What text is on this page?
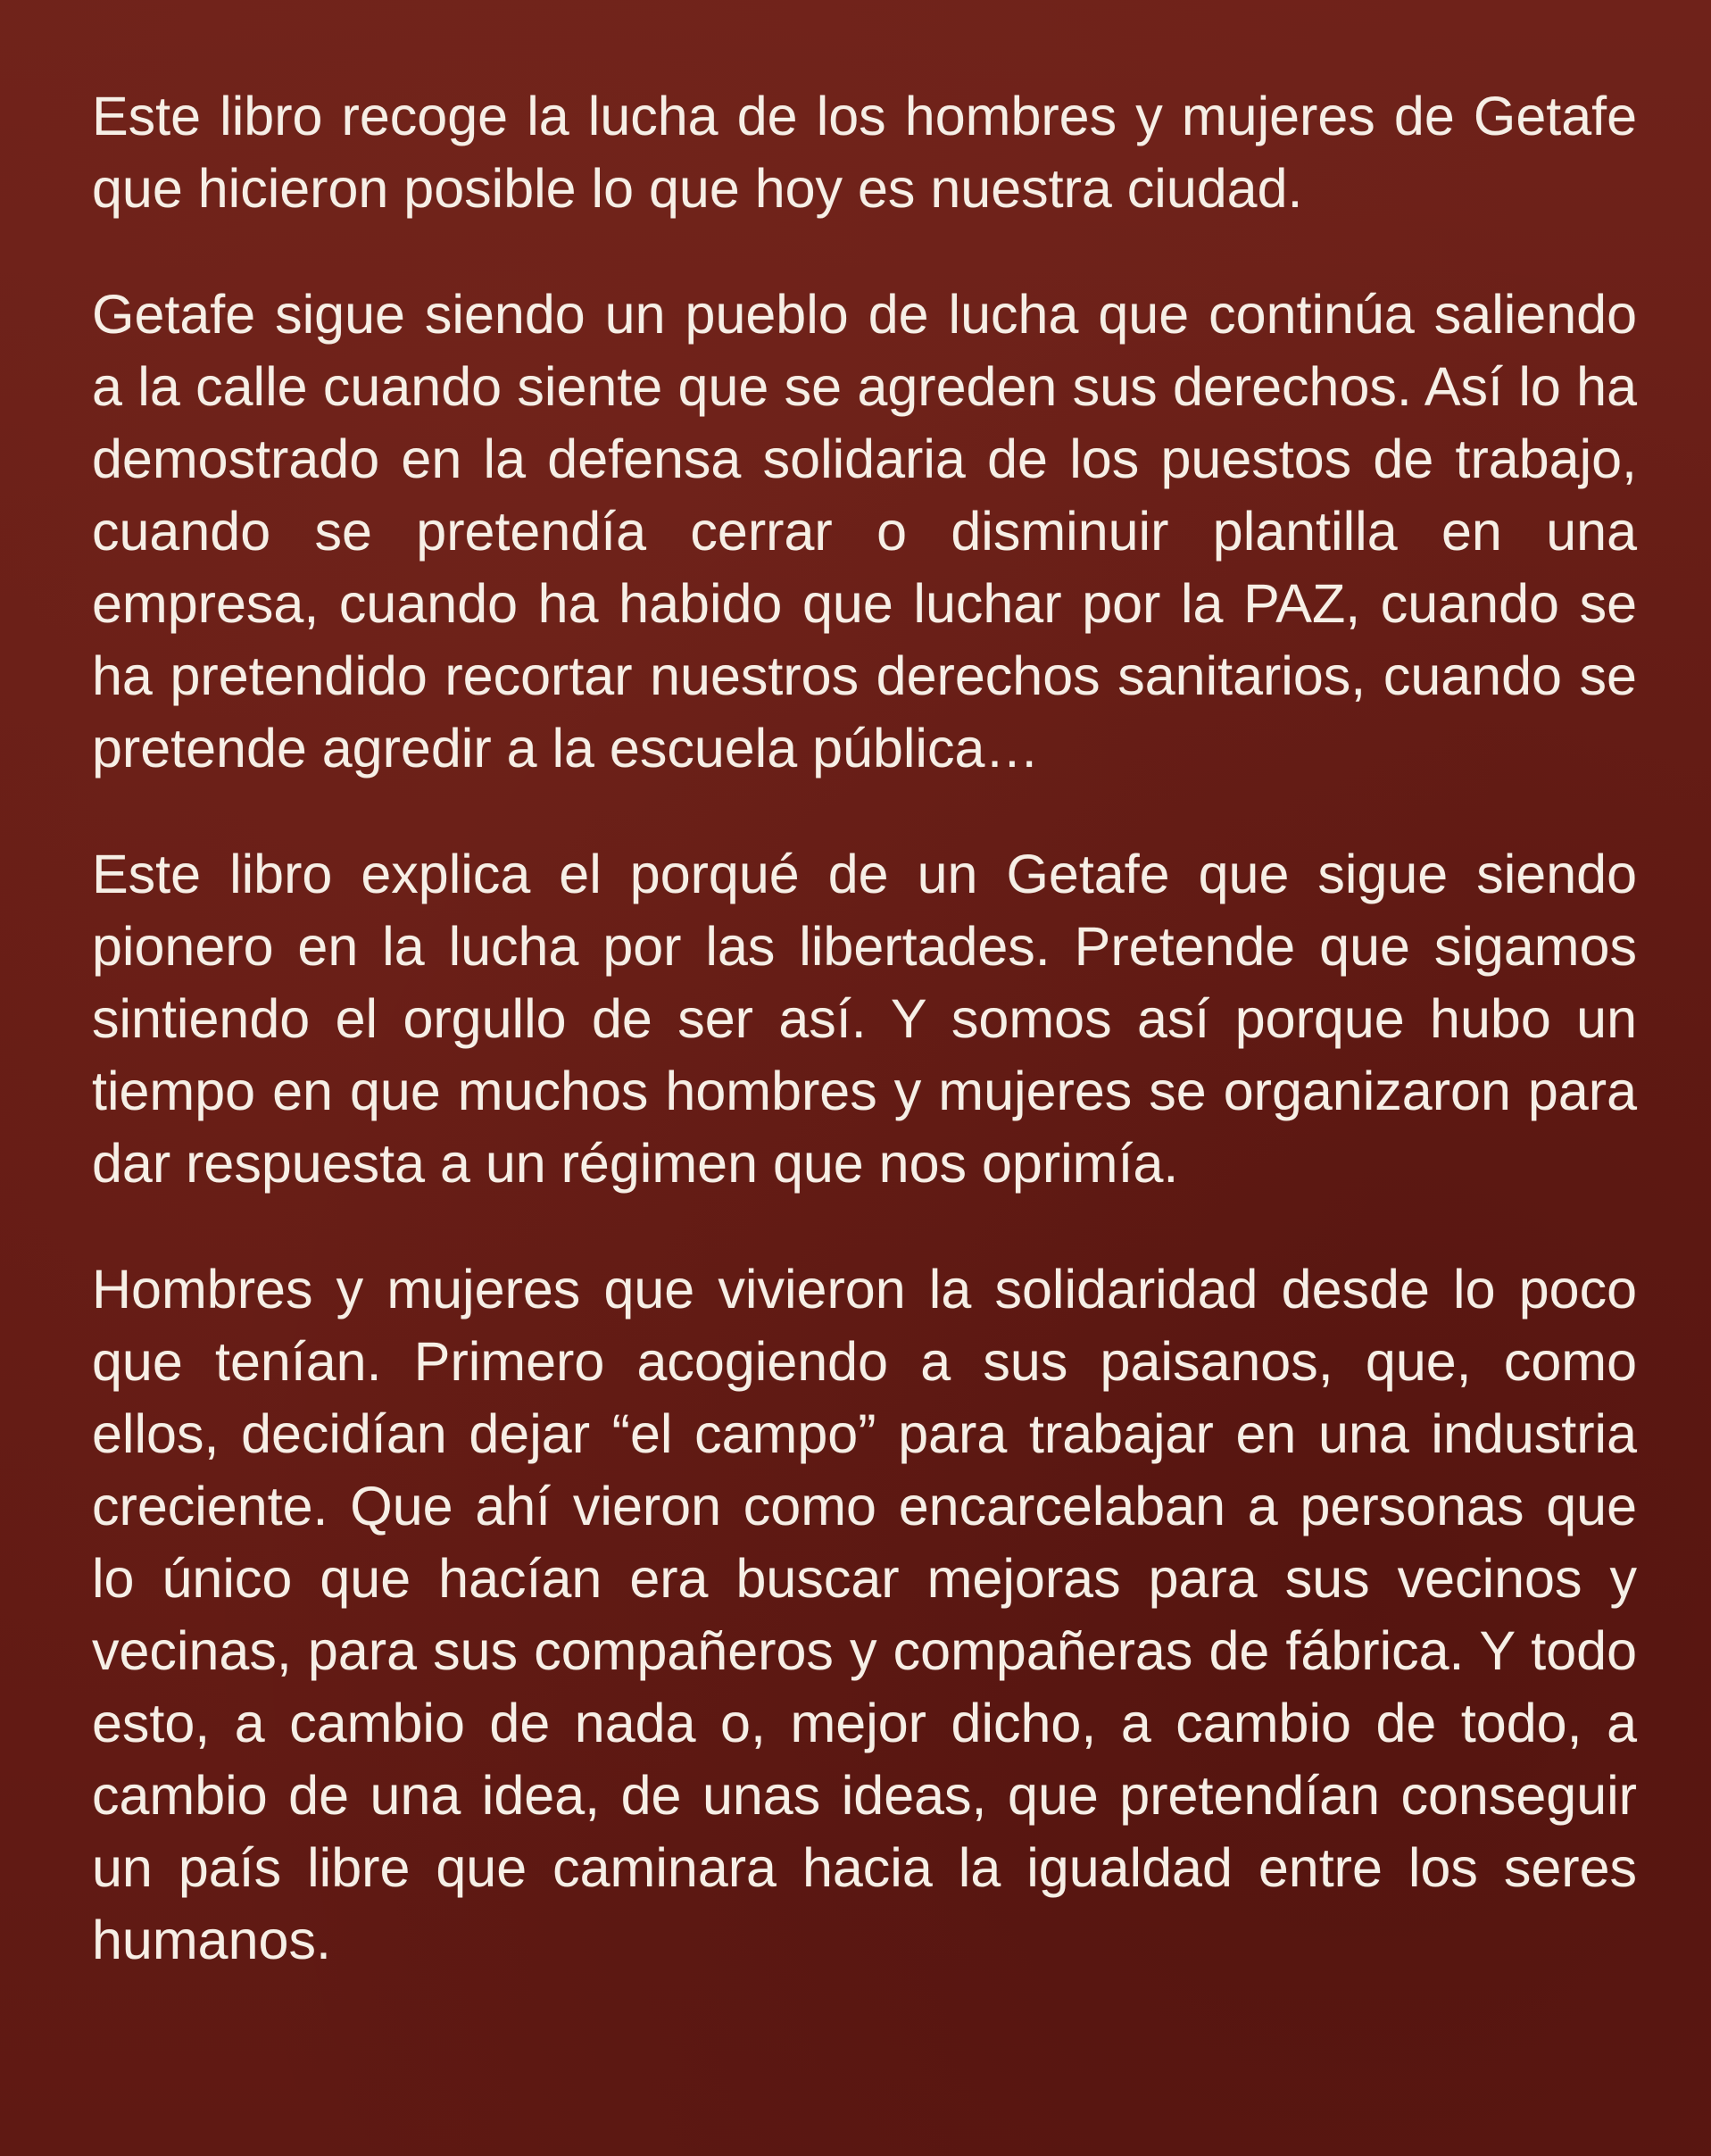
Este libro recoge la lucha de los hombres y mujeres de Getafe que hicieron posible lo que hoy es nuestra ciudad.

Getafe sigue siendo un pueblo de lucha que continúa saliendo a la calle cuando siente que se agreden sus derechos. Así lo ha demostrado en la defensa solidaria de los puestos de trabajo, cuando se pretendía cerrar o disminuir plantilla en una empresa, cuando ha habido que luchar por la PAZ, cuando se ha pretendido recortar nuestros derechos sanitarios, cuando se pretende agredir a la escuela pública…

Este libro explica el porqué de un Getafe que sigue siendo pionero en la lucha por las libertades. Pretende que sigamos sintiendo el orgullo de ser así. Y somos así porque hubo un tiempo en que muchos hombres y mujeres se organizaron para dar respuesta a un régimen que nos oprimía.

Hombres y mujeres que vivieron la solidaridad desde lo poco que tenían. Primero acogiendo a sus paisanos, que, como ellos, decidían dejar “el campo” para trabajar en una industria creciente. Que ahí vieron como encarcelaban a personas que lo único que hacían era buscar mejoras para sus vecinos y vecinas, para sus compañeros y compañeras de fábrica. Y todo esto, a cambio de nada o, mejor dicho, a cambio de todo, a cambio de una idea, de unas ideas, que pretendían conseguir un país libre que caminara hacia la igualdad entre los seres humanos.
